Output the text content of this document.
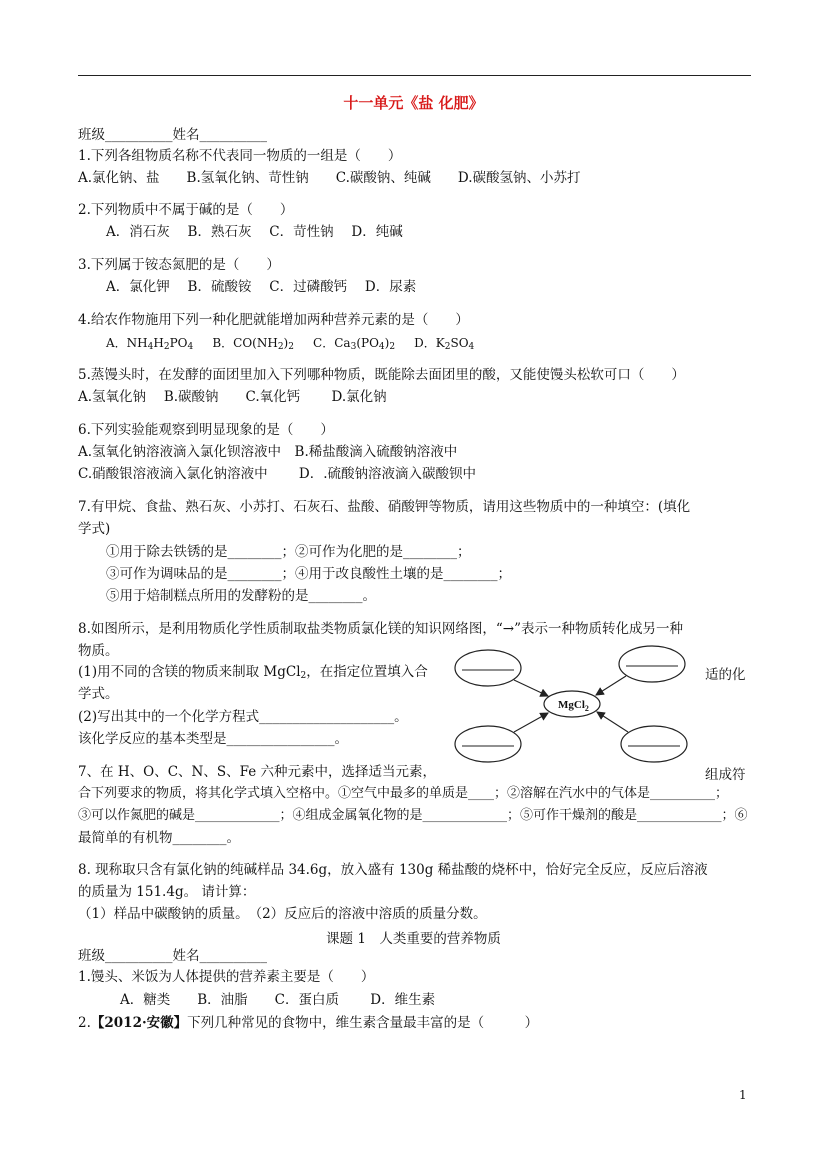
十一单元《盐 化肥》
班级__________姓名__________
1.下列各组物质名称不代表同一物质的一组是（　　）
A.氯化钠、盐　　B.氢氧化钠、苛性钠　　C.碳酸钠、纯碱　　D.碳酸氢钠、小苏打
2.下列物质中不属于碱的是（　　）
A．消石灰　 B．熟石灰　 C．苛性钠　 D．纯碱
3.下列属于铵态氮肥的是（　　）
A．氯化钾　 B．硫酸铵　 C．过磷酸钙　 D．尿素
4.给农作物施用下列一种化肥就能增加两种营养元素的是（　　）
A．$NH_4H_2PO_4$ B．$CO(NH_2)_2$ C．$Ca_3(PO_4)_2$ D．$K_2SO_4$
5.蒸馒头时，在发酵的面团里加入下列哪种物质，既能除去面团里的酸，又能使馒头松软可口（　　）
A.氢氧化钠　 B.碳酸钠　　C.氧化钙　　 D.氯化钠
6.下列实验能观察到明显现象的是（　　）
A.氢氧化钠溶液滴入氯化钡溶液中　B.稀盐酸滴入硫酸钠溶液中
C.硝酸银溶液滴入氯化钠溶液中　　 D．.硫酸钠溶液滴入碳酸钡中
7.有甲烷、食盐、熟石灰、小苏打、石灰石、盐酸、硝酸钾等物质，请用这些物质中的一种填空：(填化
学式)
①用于除去铁锈的是________；②可作为化肥的是________；
③可作为调味品的是________；④用于改良酸性土壤的是________；
⑤用于焙制糕点所用的发酵粉的是________。
8.如图所示，是利用物质化学性质制取盐类物质氯化镁的知识网络图，“→”表示一种物质转化成另一种
物质。
(1)用不同的含镁的物质来制取 MgCl$_2$，在指定位置填入合	适的化
学式。
(2)写出其中的一个化学方程式____________________。
该化学反应的基本类型是________________。
MgCl$_2$
7、在 H、O、C、N、S、Fe 六种元素中，选择适当元素，	组成符
合下列要求的物质，将其化学式填入空格中。①空气中最多的单质是____；②溶解在汽水中的气体是__________；
③可以作氮肥的碱是_____________；④组成金属氧化物的是_____________；⑤可作干燥剂的酸是_____________；⑥
最简单的有机物________。
8. 现称取只含有氯化钠的纯碱样品 34.6g，放入盛有 130g 稀盐酸的烧杯中，恰好完全反应，反应后溶液
的质量为 151.4g。 请计算：
（1）样品中碳酸钠的质量。　（2）反应后的溶液中溶质的质量分数。
课题 1　人类重要的营养物质
班级__________姓名__________
1.馒头、米饭为人体提供的营养素主要是（　　）
A．糖类　　B．油脂　　C．蛋白质　　 D．维生素
2.【2012·安徽】下列几种常见的食物中，维生素含量最丰富的是（　　　）
1
